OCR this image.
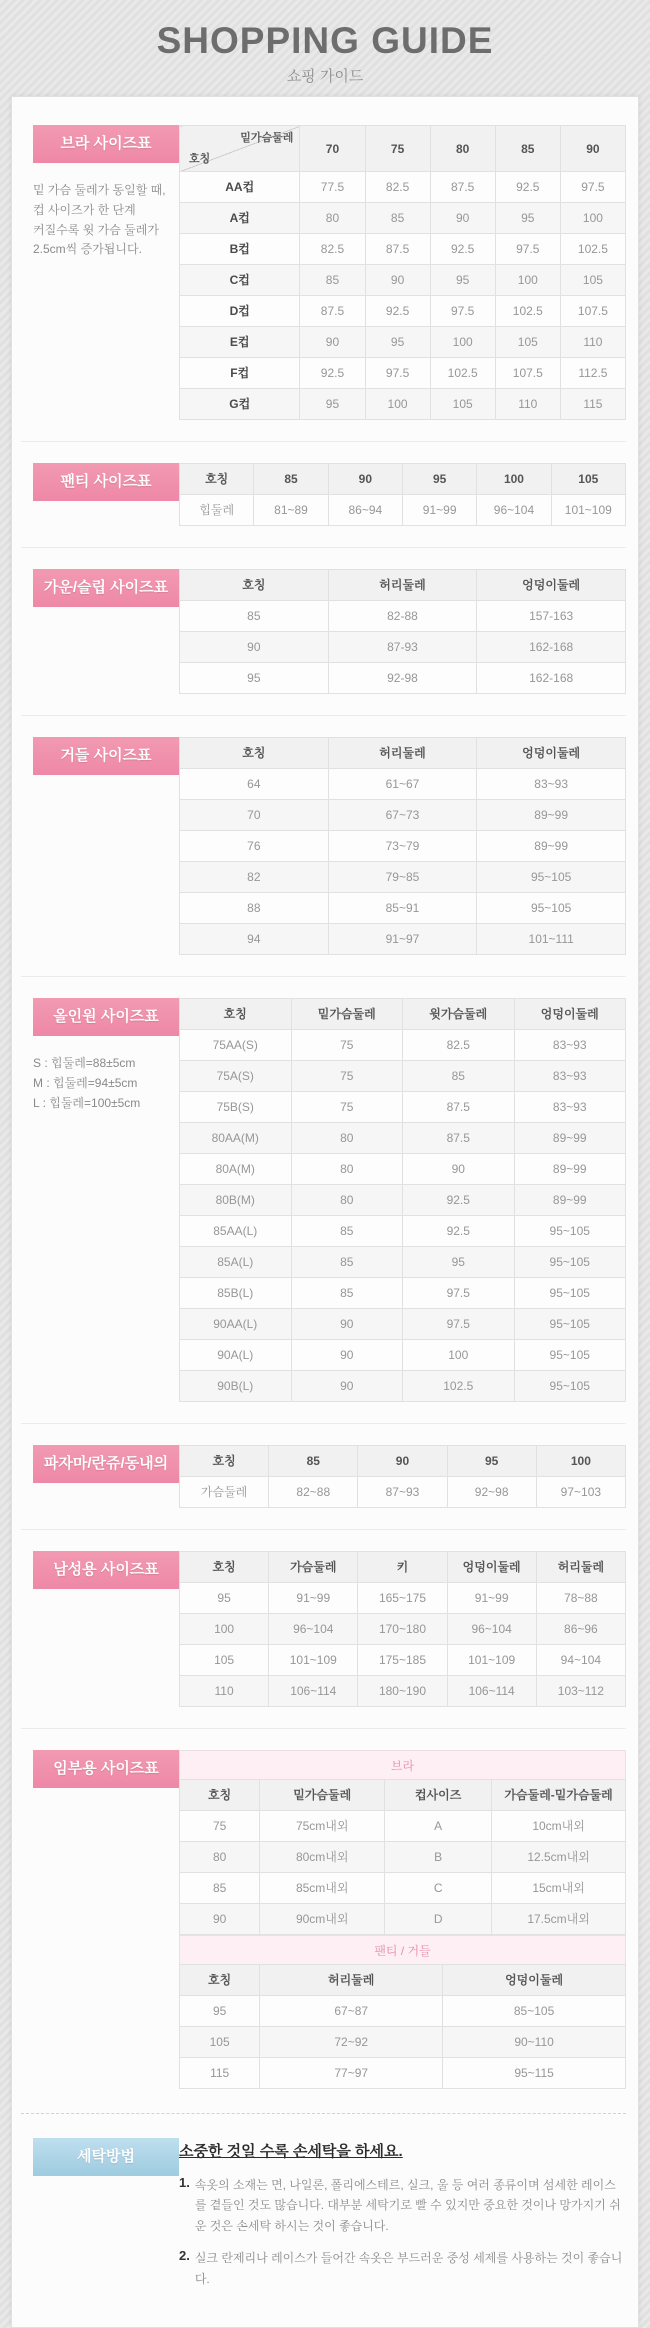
SHOPPING GUIDE
쇼핑 가이드
브라 사이즈표
밑 가슴 둘레가 동일할 때,
컵 사이즈가 한 단계
커질수록 윗 가슴 둘레가
2.5cm씩 증가됩니다.
밑가슴둘레
호칭	70	75	80	85	90
AA컵	77.5	82.5	87.5	92.5	97.5
A컵	80	85	90	95	100
B컵	82.5	87.5	92.5	97.5	102.5
C컵	85	90	95	100	105
D컵	87.5	92.5	97.5	102.5	107.5
E컵	90	95	100	105	110
F컵	92.5	97.5	102.5	107.5	112.5
G컵	95	100	105	110	115
팬티 사이즈표	호칭	85	90	95	100	105
힙둘레	81~89	86~94	91~99	96~104	101~109
가운/슬립 사이즈표	호칭	허리둘레	엉덩이둘레
85	82-88	157-163
90	87-93	162-168
95	92-98	162-168
거들 사이즈표	호칭	허리둘레	엉덩이둘레
64	61~67	83~93
70	67~73	89~99
76	73~79	89~99
82	79~85	95~105
88	85~91	95~105
94	91~97	101~111
올인원 사이즈표
S : 힙둘레=88±5cm
M : 힙둘레=94±5cm
L : 힙둘레=100±5cm
호칭	밑가슴둘레	윗가슴둘레	엉덩이둘레
75AA(S)	75	82.5	83~93
75A(S)	75	85	83~93
75B(S)	75	87.5	83~93
80AA(M)	80	87.5	89~99
80A(M)	80	90	89~99
80B(M)	80	92.5	89~99
85AA(L)	85	92.5	95~105
85A(L)	85	95	95~105
85B(L)	85	97.5	95~105
90AA(L)	90	97.5	95~105
90A(L)	90	100	95~105
90B(L)	90	102.5	95~105
파자마/란쥬/동내의	호칭	85	90	95	100
가슴둘레	82~88	87~93	92~98	97~103
남성용 사이즈표	호칭	가슴둘레	키	엉덩이둘레	허리둘레
95	91~99	165~175	91~99	78~88
100	96~104	170~180	96~104	86~96
105	101~109	175~185	101~109	94~104
110	106~114	180~190	106~114	103~112
임부용 사이즈표	브라
호칭	밑가슴둘레	컵사이즈	가슴둘레-밑가슴둘레
75	75cm내외	A	10cm내외
80	80cm내외	B	12.5cm내외
85	85cm내외	C	15cm내외
90	90cm내외	D	17.5cm내외
팬티 / 거들
호칭	허리둘레	엉덩이둘레
95	67~87	85~105
105	72~92	90~110
115	77~97	95~115
세탁방법	소중한 것일 수록 손세탁을 하세요.
1. 속옷의 소재는 면, 나일론, 폴리에스테르, 실크, 울 등 여러 종류이며 섬세한 레이스를 곁들인 것도 많습니다. 대부분 세탁기로 빨 수 있지만 중요한 것이나 망가지기 쉬운 것은 손세탁 하시는 것이 좋습니다.
2. 실크 란제리나 레이스가 들어간 속옷은 부드러운 중성 세제를 사용하는 것이 좋습니다.
